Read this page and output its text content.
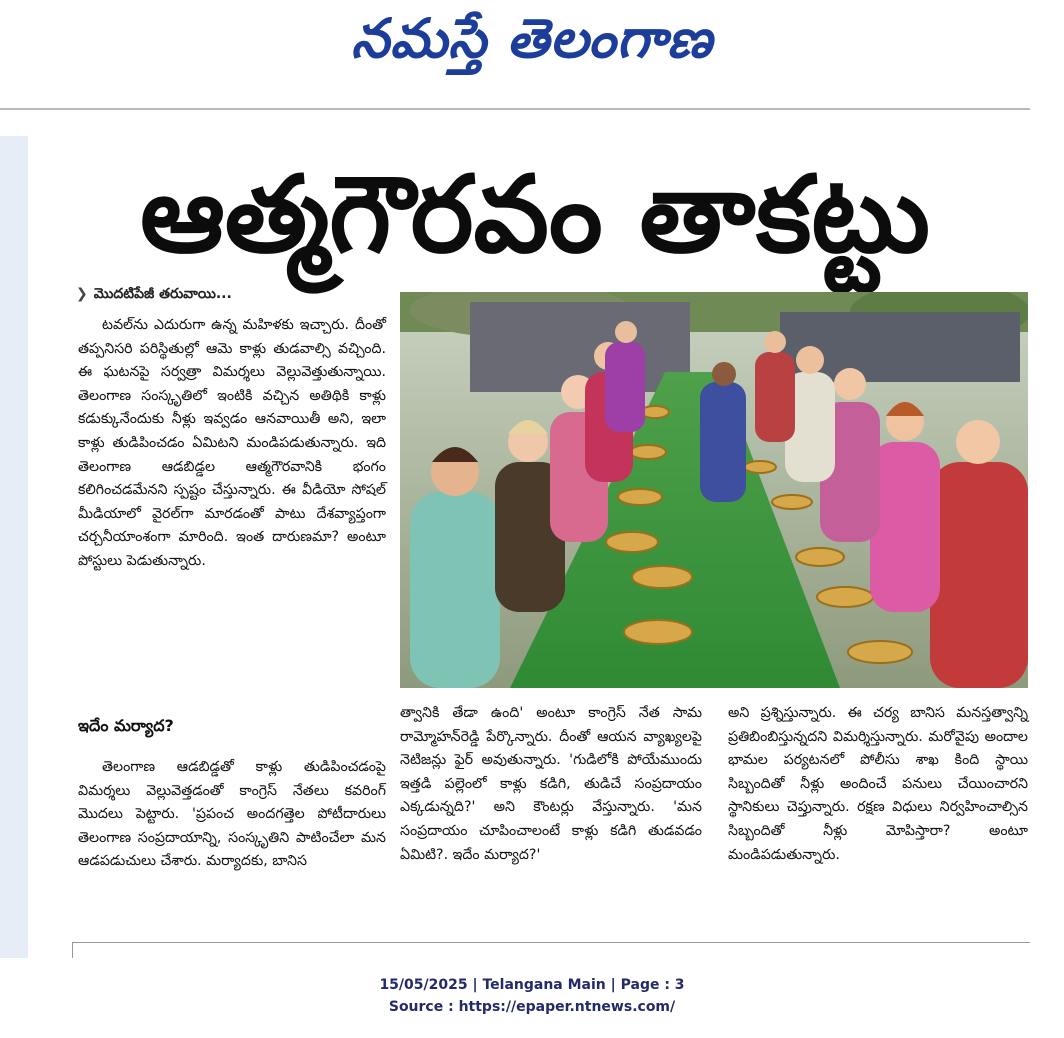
నమస్తే తెలంగాణ
ఆత్మగౌరవం తాకట్టు
❯ మొదటిపేజీ తరువాయి...

టవల్‌ను ఎదురుగా ఉన్న మహిళకు ఇచ్చారు. దీంతో తప్పనిసరి పరిస్థితుల్లో ఆమె కాళ్లు తుడవాల్సి వచ్చింది. ఈ ఘటనపై సర్వత్రా విమర్శలు వెల్లువెత్తుతున్నాయి. తెలంగాణ సంస్కృతిలో ఇంటికి వచ్చిన అతిథికి కాళ్లు కడుక్కునేందుకు నీళ్లు ఇవ్వడం ఆనవాయితీ అని, ఇలా కాళ్లు తుడిపించడం ఏమిటని మండిపడుతున్నారు. ఇది తెలంగాణ ఆడబిడ్డల ఆత్మగౌరవానికి భంగం కలిగించడమేనని స్పష్టం చేస్తున్నారు. ఈ వీడియో సోషల్ మీడియాలో వైరల్‌గా మారడంతో పాటు దేశవ్యాప్తంగా చర్చనీయాంశంగా మారింది. ఇంత దారుణమా? అంటూ పోస్టులు పెడుతున్నారు.

ఇదేం మర్యాద?

తెలంగాణ ఆడబిడ్డతో కాళ్లు తుడిపించడంపై విమర్శలు వెల్లువెత్తడంతో కాంగ్రెస్ నేతలు కవరింగ్ మొదలు పెట్టారు. 'ప్రపంచ అందగత్తెల పోటీదారులు తెలంగాణ సంప్రదాయాన్ని, సంస్కృతిని పాటించేలా మన ఆడపడుచులు చేశారు. మర్యాదకు, బానిస

త్వానికి తేడా ఉంది' అంటూ కాంగ్రెస్ నేత సామ రామ్మోహన్‌రెడ్డి పేర్కొన్నారు. దీంతో ఆయన వ్యాఖ్యలపై నెటిజన్లు ఫైర్ అవుతున్నారు. 'గుడిలోకి పోయేముందు ఇత్తడి పల్లెంలో కాళ్లు కడిగి, తుడిచే సంప్రదాయం ఎక్కడున్నది?' అని కౌంటర్లు వేస్తున్నారు. 'మన సంప్రదాయం చూపించాలంటే కాళ్లు కడిగి తుడవడం ఏమిటి?. ఇదేం మర్యాద?'

అని ప్రశ్నిస్తున్నారు. ఈ చర్య బానిస మనస్తత్వాన్ని ప్రతిబింబిస్తున్నదని విమర్శిస్తున్నారు. మరోవైపు అందాల భామల పర్యటనలో పోలీసు శాఖ కింది స్థాయి సిబ్బందితో నీళ్లు అందించే పనులు చేయించారని స్థానికులు చెప్తున్నారు. రక్షణ విధులు నిర్వహించాల్సిన సిబ్బందితో నీళ్లు మోపిస్తారా? అంటూ మండిపడుతున్నారు.

15/05/2025 | Telangana Main | Page : 3
Source : https://epaper.ntnews.com/
